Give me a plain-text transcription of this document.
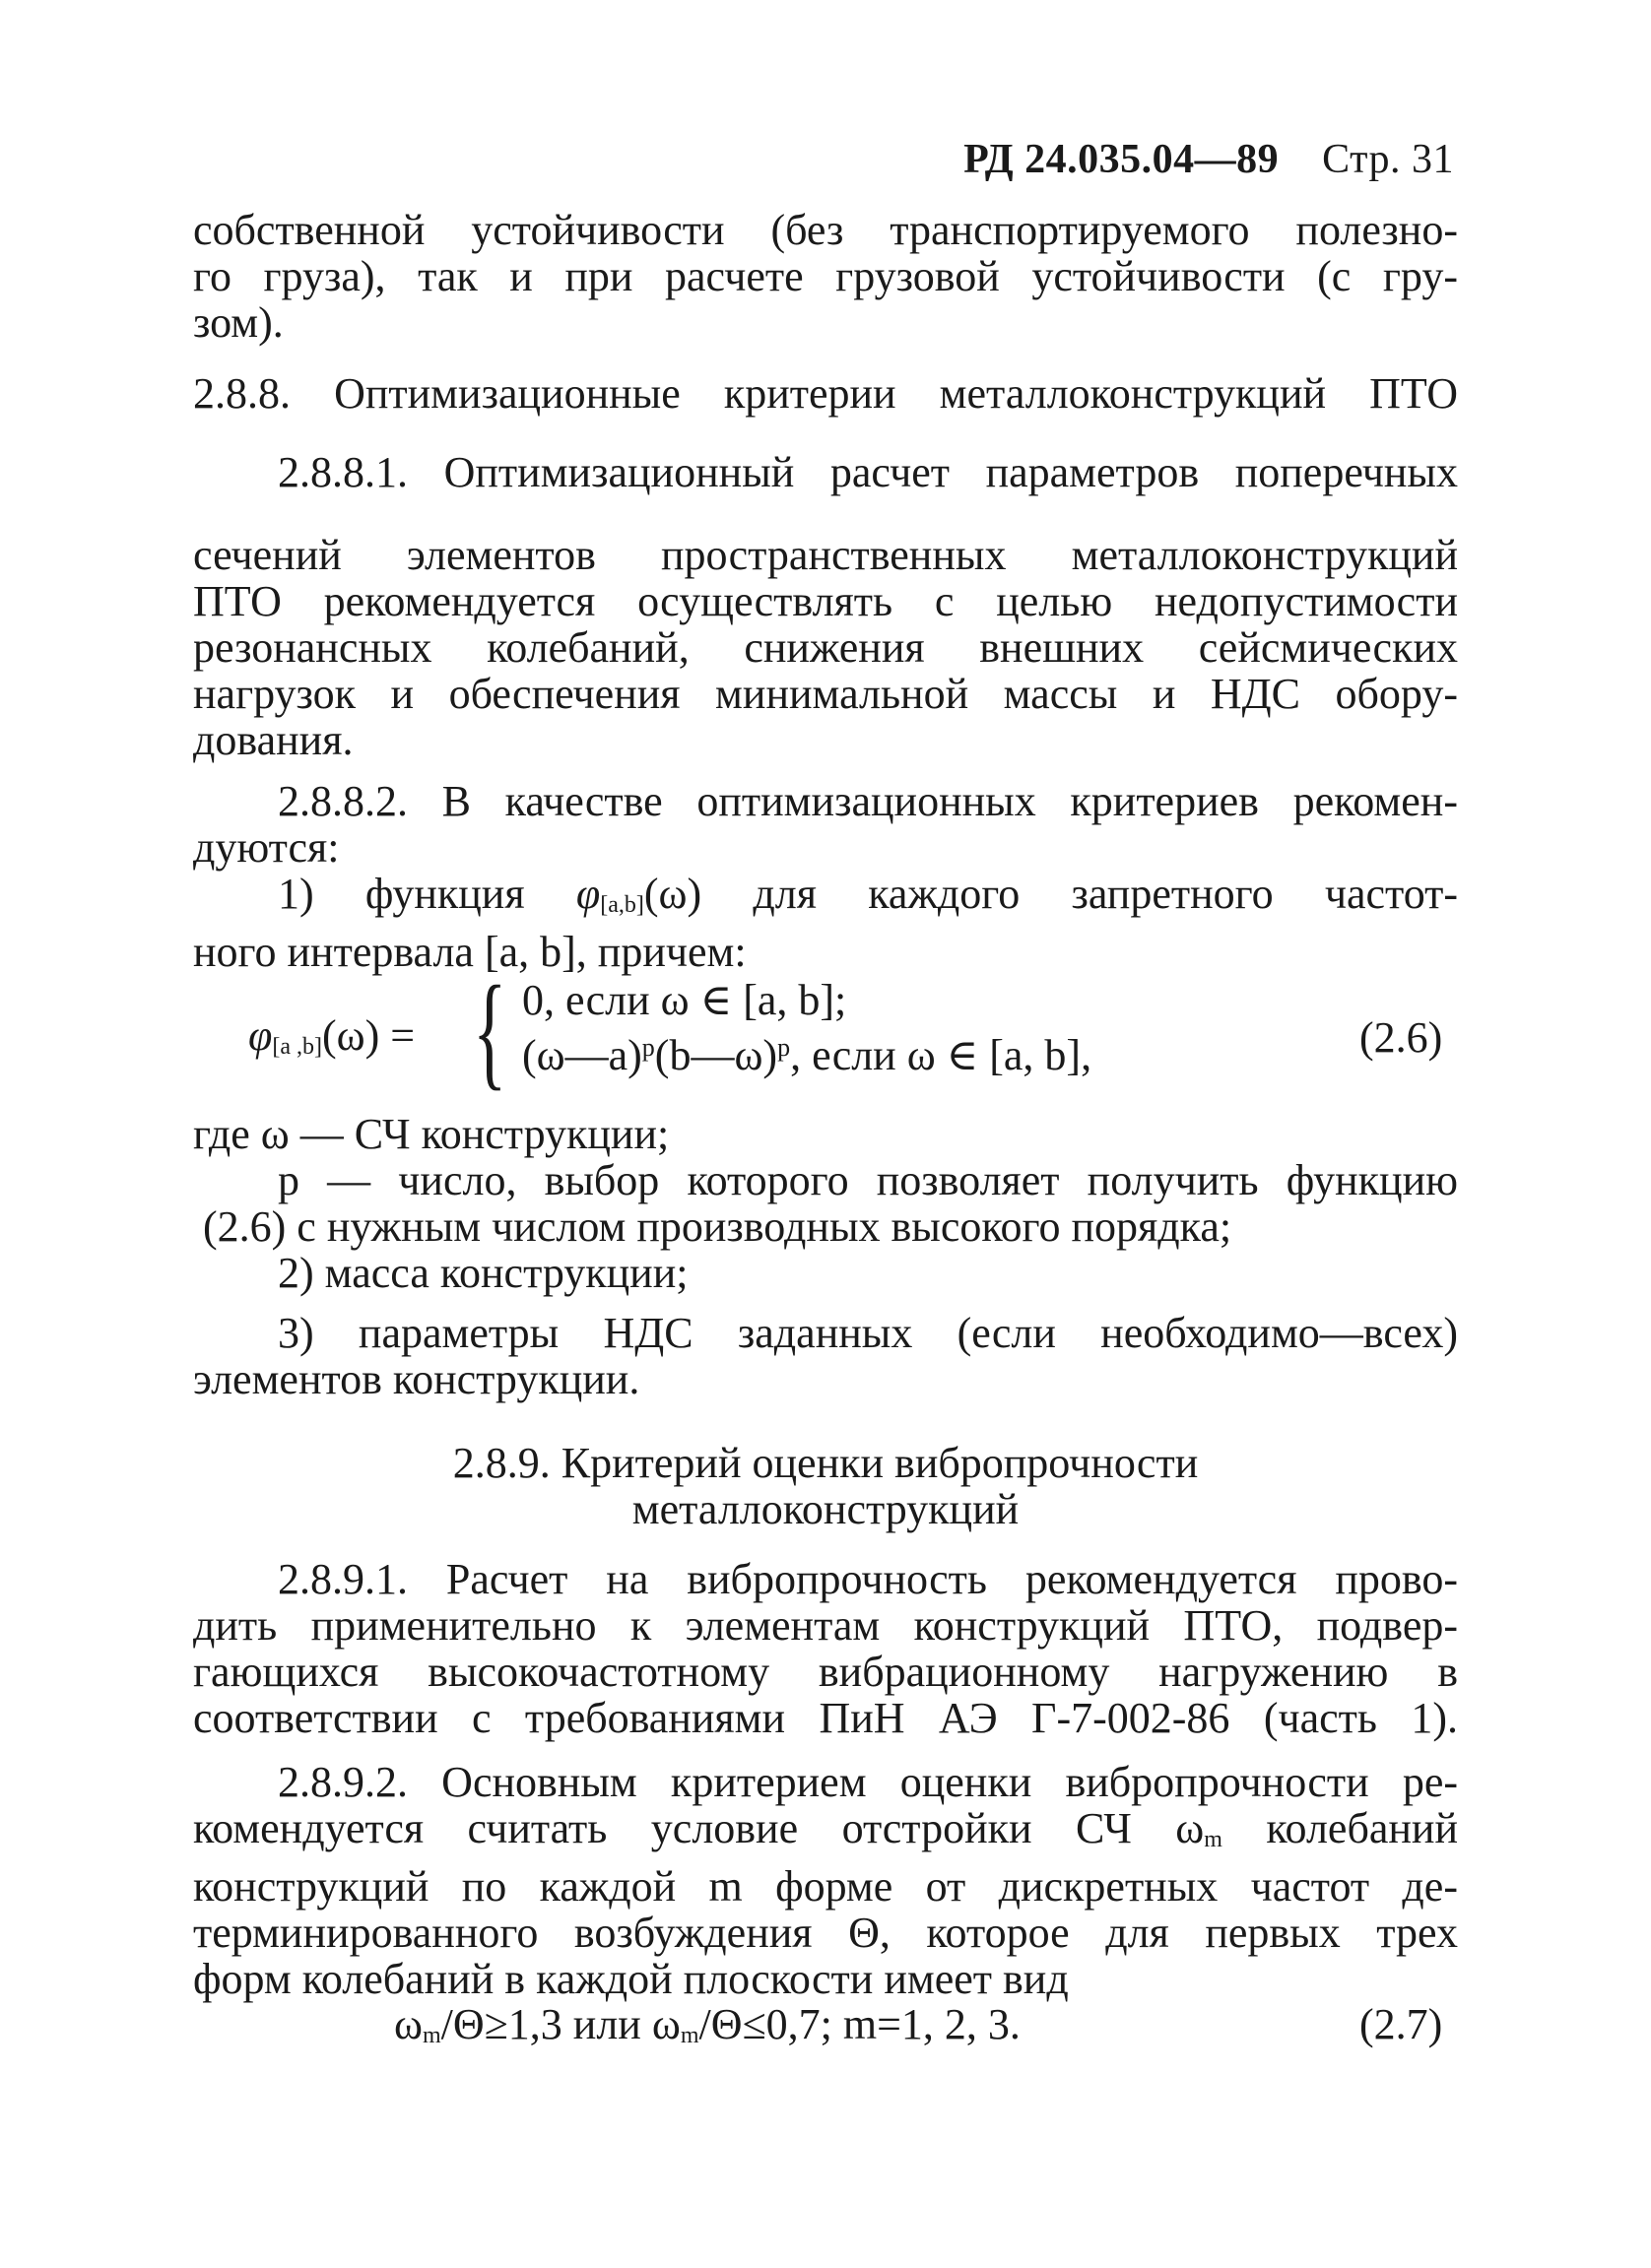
РД 24.035.04—89 Стр. 31
собственной устойчивости (без транспортируемого полезно-
го груза), так и при расчете грузовой устойчивости (с гру-
зом).
2.8.8. Оптимизационные критерии металлоконструкций ПТО
2.8.8.1. Оптимизационный расчет параметров поперечных
сечений элементов пространственных металлоконструкций
ПТО рекомендуется осуществлять с целью недопустимости
резонансных колебаний, снижения внешних сейсмических
нагрузок и обеспечения минимальной массы и НДС обору-
дования.
2.8.8.2. В качестве оптимизационных критериев рекомен-
дуются:
1) функция $\varphi_{[a,b]}(\omega)$ для каждого запретного частот-
ного интервала [a, b], причем:
$\varphi_{[a ,b]}(\omega)$ = { 0, если ω ∈ [a, b];
(ω—a)$^p$(b—ω)$^p$, если ω ∈ [a, b],	(2.6)
где ω — СЧ конструкции;
p — число, выбор которого позволяет получить функцию
(2.6) с нужным числом производных высокого порядка;
2) масса конструкции;
3) параметры НДС заданных (если необходимо—всех)
элементов конструкции.
2.8.9. Критерий оценки вибропрочности
металлоконструкций
2.8.9.1. Расчет на вибропрочность рекомендуется прово-
дить применительно к элементам конструкций ПТО, подвер-
гающихся высокочастотному вибрационному нагружению в
соответствии с требованиями ПиН АЭ Г-7-002-86 (часть 1).
2.8.9.2. Основным критерием оценки вибропрочности ре-
комендуется считать условие отстройки СЧ $\omega_m$ колебаний
конструкций по каждой m форме от дискретных частот де-
терминированного возбуждения Θ, которое для первых трех
форм колебаний в каждой плоскости имеет вид
$\omega_m/\Theta\ge 1,3$ или $\omega_m/\Theta\le 0,7$; m=1, 2, 3.	(2.7)
